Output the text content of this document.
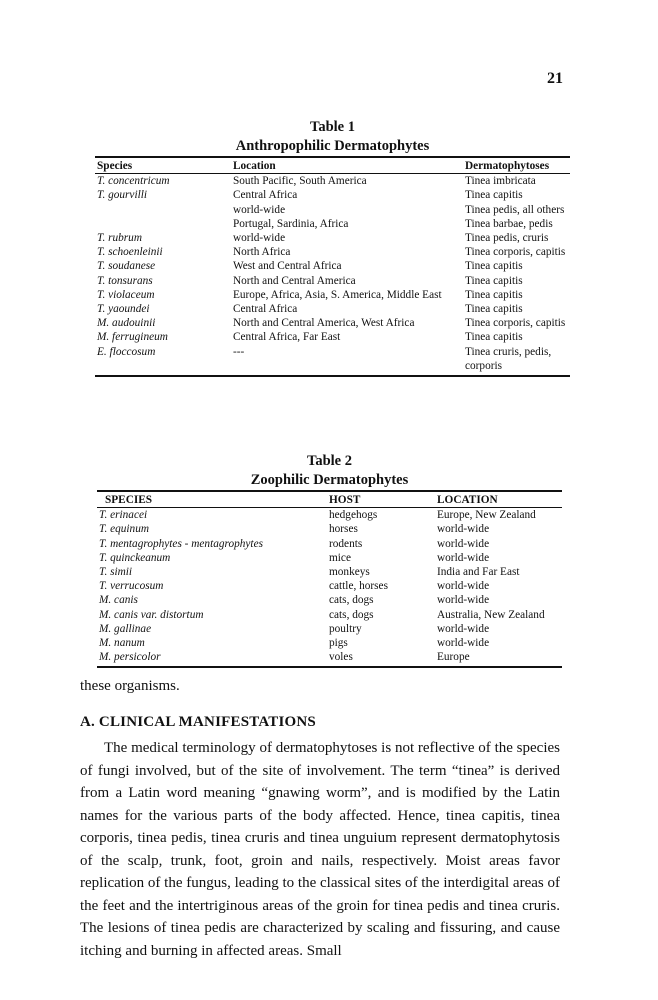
21
Table 1
Anthropophilic Dermatophytes
Species	Location	Dermatophytoses
T. concentricum	South Pacific, South America	Tinea imbricata
T. gourvilli	Central Africa	Tinea capitis
	world-wide	Tinea pedis, all others
	Portugal, Sardinia, Africa	Tinea barbae, pedis
T. rubrum	world-wide	Tinea pedis, cruris
T. schoenleinii	North Africa	Tinea corporis, capitis
T. soudanese	West and Central Africa	Tinea capitis
T. tonsurans	North and Central America	Tinea capitis
T. violaceum	Europe, Africa, Asia, S. America, Middle East	Tinea capitis
T. yaoundei	Central Africa	Tinea capitis
M. audouinii	North and Central America, West Africa	Tinea corporis, capitis
M. ferrugineum	Central Africa, Far East	Tinea capitis
E. floccosum	---	Tinea cruris, pedis, corporis
Table 2
Zoophilic Dermatophytes
SPECIES	HOST	LOCATION
T. erinacei	hedgehogs	Europe, New Zealand
T. equinum	horses	world-wide
T. mentagrophytes - mentagrophytes	rodents	world-wide
T. quinckeanum	mice	world-wide
T. simii	monkeys	India and Far East
T. verrucosum	cattle, horses	world-wide
M. canis	cats, dogs	world-wide
M. canis var. distortum	cats, dogs	Australia, New Zealand
M. gallinae	poultry	world-wide
M. nanum	pigs	world-wide
M. persicolor	voles	Europe
these organisms.
A. CLINICAL MANIFESTATIONS

The medical terminology of dermatophytoses is not reflective of the species of fungi involved, but of the site of involvement. The term “tinea” is derived from a Latin word meaning “gnawing worm”, and is modified by the Latin names for the various parts of the body affected. Hence, tinea capitis, tinea corporis, tinea pedis, tinea cruris and tinea unguium represent dermatophytosis of the scalp, trunk, foot, groin and nails, respectively. Moist areas favor replication of the fungus, leading to the classical sites of the interdigital areas of the feet and the intertriginous areas of the groin for tinea pedis and tinea cruris. The lesions of tinea pedis are characterized by scaling and fissuring, and cause itching and burning in affected areas. Small
